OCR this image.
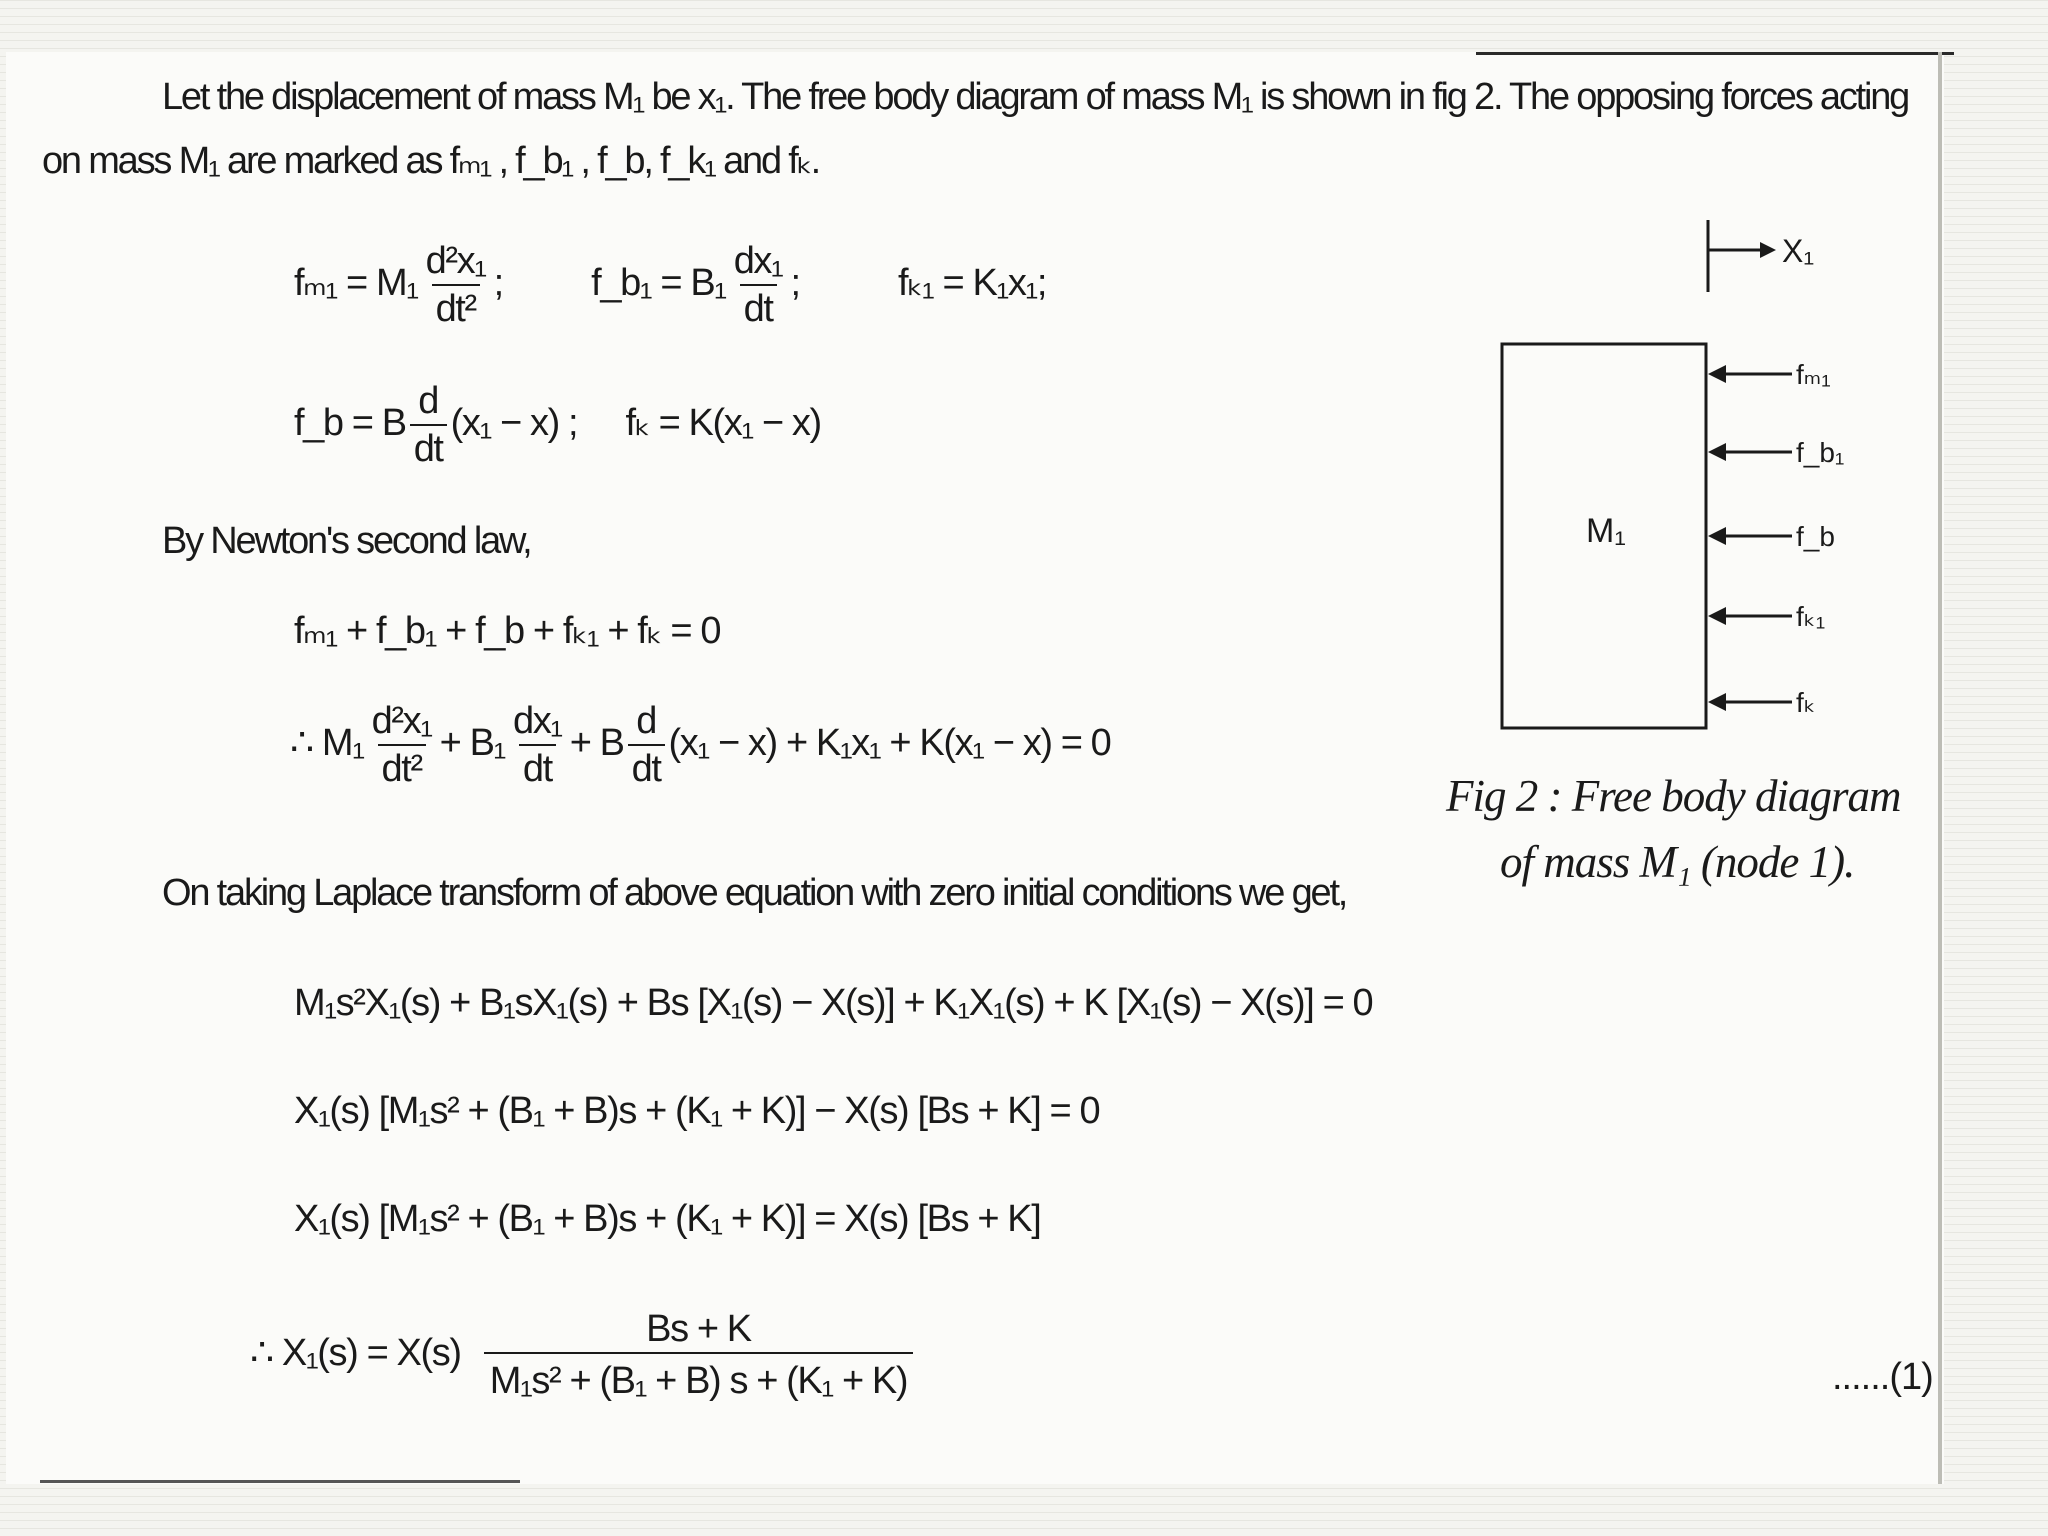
Let the displacement of mass M₁ be x₁. The free body diagram of mass M₁ is shown in fig 2. The opposing forces acting
on mass M₁ are marked as fₘ₁ , f_b₁ , f_b, f_k₁ and fₖ.
$f_{m1} = M_1 \frac{\text{d²x₁}}{\text{dt²}}$ ; f_b₁ = $B_1 \frac{\text{dx₁}}{dt}$ ;	fₖ₁ = K₁x₁;
f_b = B $\frac{d}{dt} (x_1 - x)$ ; fₖ = K(x₁ − x)
By Newton's second law,
fₘ₁ + f_b₁ + f_b + fₖ₁ + fₖ = 0
∴ $M_1 \frac{\text{d²x₁}}{\text{dt²}} + B_1 \frac{\text{dx₁}}{dt} + B \frac{d}{dt} (x_1 - x) + K_1x_1 + K(x_1 - x) = 0$
On taking Laplace transform of above equation with zero initial conditions we get,
M₁s²X₁(s) + B₁sX₁(s) + Bs [X₁(s) − X(s)] + K₁X₁(s) + K [X₁(s) − X(s)] = 0
X₁(s) [M₁s² + (B₁ + B)s + (K₁ + K)] − X(s) [Bs + K] = 0
X₁(s) [M₁s² + (B₁ + B)s + (K₁ + K)] = X(s) [Bs + K]
∴ $X_1(s) = X(s) \frac{Bs + K}{\text{M₁s² + (B₁ + B) s + (K₁ + K)}}$	......(1)
X₁
M₁
fₘ₁
f_b₁
f_b
fₖ₁
fₖ
Fig 2 : Free body diagram
of mass M₁ (node 1).
